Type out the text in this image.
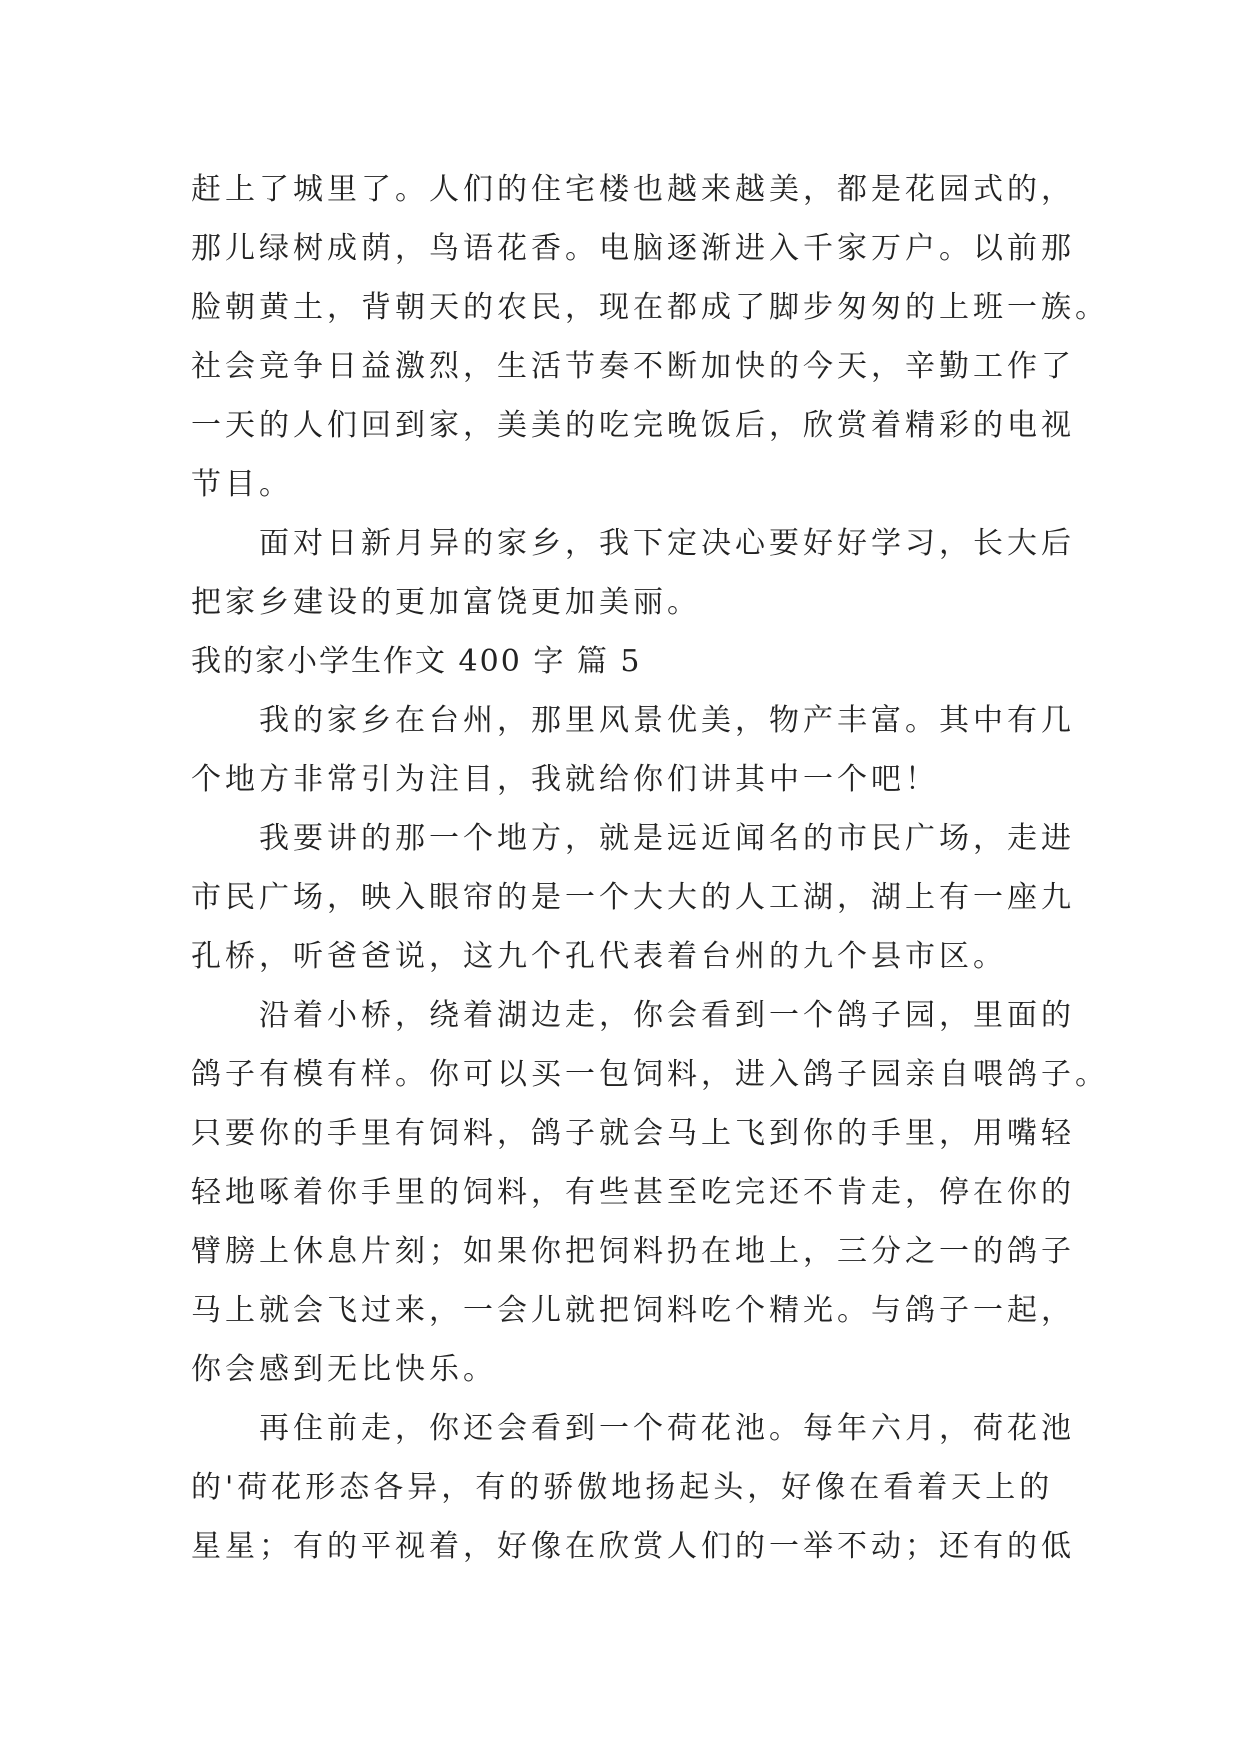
赶上了城里了。人们的住宅楼也越来越美，都是花园式的，
那儿绿树成荫，鸟语花香。电脑逐渐进入千家万户。以前那
脸朝黄土，背朝天的农民，现在都成了脚步匆匆的上班一族。
社会竞争日益激烈，生活节奏不断加快的今天，辛勤工作了
一天的人们回到家，美美的吃完晚饭后，欣赏着精彩的电视
节目。
面对日新月异的家乡，我下定决心要好好学习，长大后
把家乡建设的更加富饶更加美丽。
我的家小学生作文 400 字 篇 5
我的家乡在台州，那里风景优美，物产丰富。其中有几
个地方非常引为注目，我就给你们讲其中一个吧！
我要讲的那一个地方，就是远近闻名的市民广场，走进
市民广场，映入眼帘的是一个大大的人工湖，湖上有一座九
孔桥，听爸爸说，这九个孔代表着台州的九个县市区。
沿着小桥，绕着湖边走，你会看到一个鸽子园，里面的
鸽子有模有样。你可以买一包饲料，进入鸽子园亲自喂鸽子。
只要你的手里有饲料，鸽子就会马上飞到你的手里，用嘴轻
轻地啄着你手里的饲料，有些甚至吃完还不肯走，停在你的
臂膀上休息片刻；如果你把饲料扔在地上，三分之一的鸽子
马上就会飞过来，一会儿就把饲料吃个精光。与鸽子一起，
你会感到无比快乐。
再住前走，你还会看到一个荷花池。每年六月，荷花池
的'荷花形态各异，有的骄傲地扬起头，好像在看着天上的
星星；有的平视着，好像在欣赏人们的一举不动；还有的低
